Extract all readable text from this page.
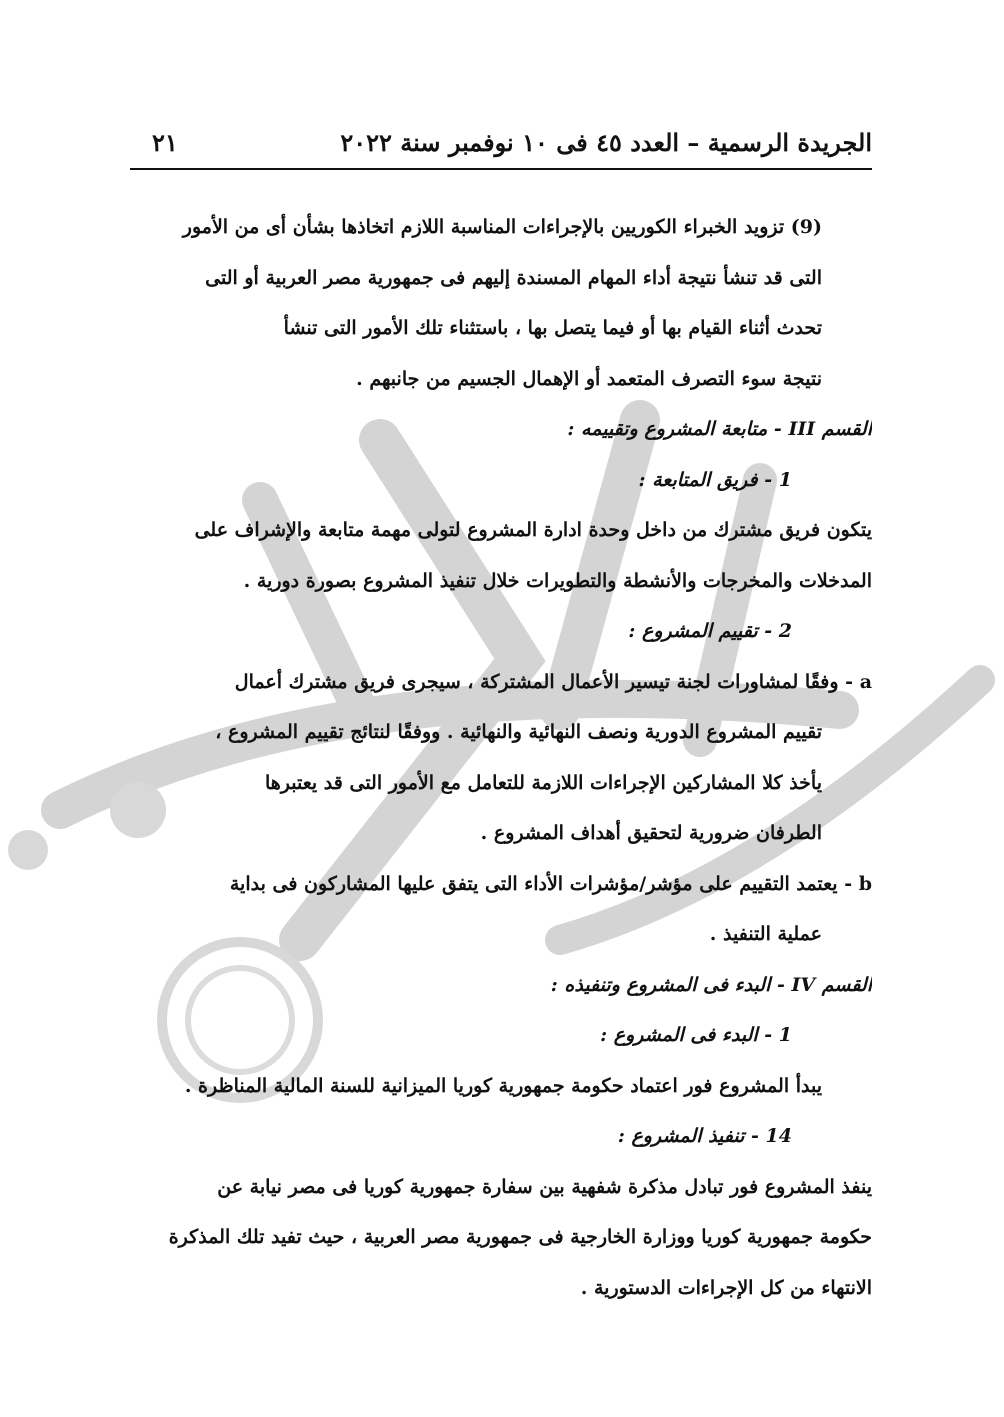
٢١	الجريدة الرسمية – العدد ٤٥ فى ١٠ نوفمبر سنة ٢٠٢٢
(9) تزويد الخبراء الكوريين بالإجراءات المناسبة اللازم اتخاذها بشأن أى من الأمور
التى قد تنشأ نتيجة أداء المهام المسندة إليهم فى جمهورية مصر العربية أو التى
تحدث أثناء القيام بها أو فيما يتصل بها ، باستثناء تلك الأمور التى تنشأ
نتيجة سوء التصرف المتعمد أو الإهمال الجسيم من جانبهم .
القسم III - متابعة المشروع وتقييمه :
1 - فريق المتابعة :
يتكون فريق مشترك من داخل وحدة ادارة المشروع لتولى مهمة متابعة والإشراف على
المدخلات والمخرجات والأنشطة والتطويرات خلال تنفيذ المشروع بصورة دورية .
2 - تقييم المشروع :
a - وفقًا لمشاورات لجنة تيسير الأعمال المشتركة ، سيجرى فريق مشترك أعمال
تقييم المشروع الدورية ونصف النهائية والنهائية . ووفقًا لنتائج تقييم المشروع ،
يأخذ كلا المشاركين الإجراءات اللازمة للتعامل مع الأمور التى قد يعتبرها
الطرفان ضرورية لتحقيق أهداف المشروع .
b - يعتمد التقييم على مؤشر/مؤشرات الأداء التى يتفق عليها المشاركون فى بداية
عملية التنفيذ .
القسم IV - البدء فى المشروع وتنفيذه :
1 - البدء فى المشروع :
يبدأ المشروع فور اعتماد حكومة جمهورية كوريا الميزانية للسنة المالية المناظرة .
14 - تنفيذ المشروع :
ينفذ المشروع فور تبادل مذكرة شفهية بين سفارة جمهورية كوريا فى مصر نيابة عن
حكومة جمهورية كوريا ووزارة الخارجية فى جمهورية مصر العربية ، حيث تفيد تلك المذكرة
الانتهاء من كل الإجراءات الدستورية .
